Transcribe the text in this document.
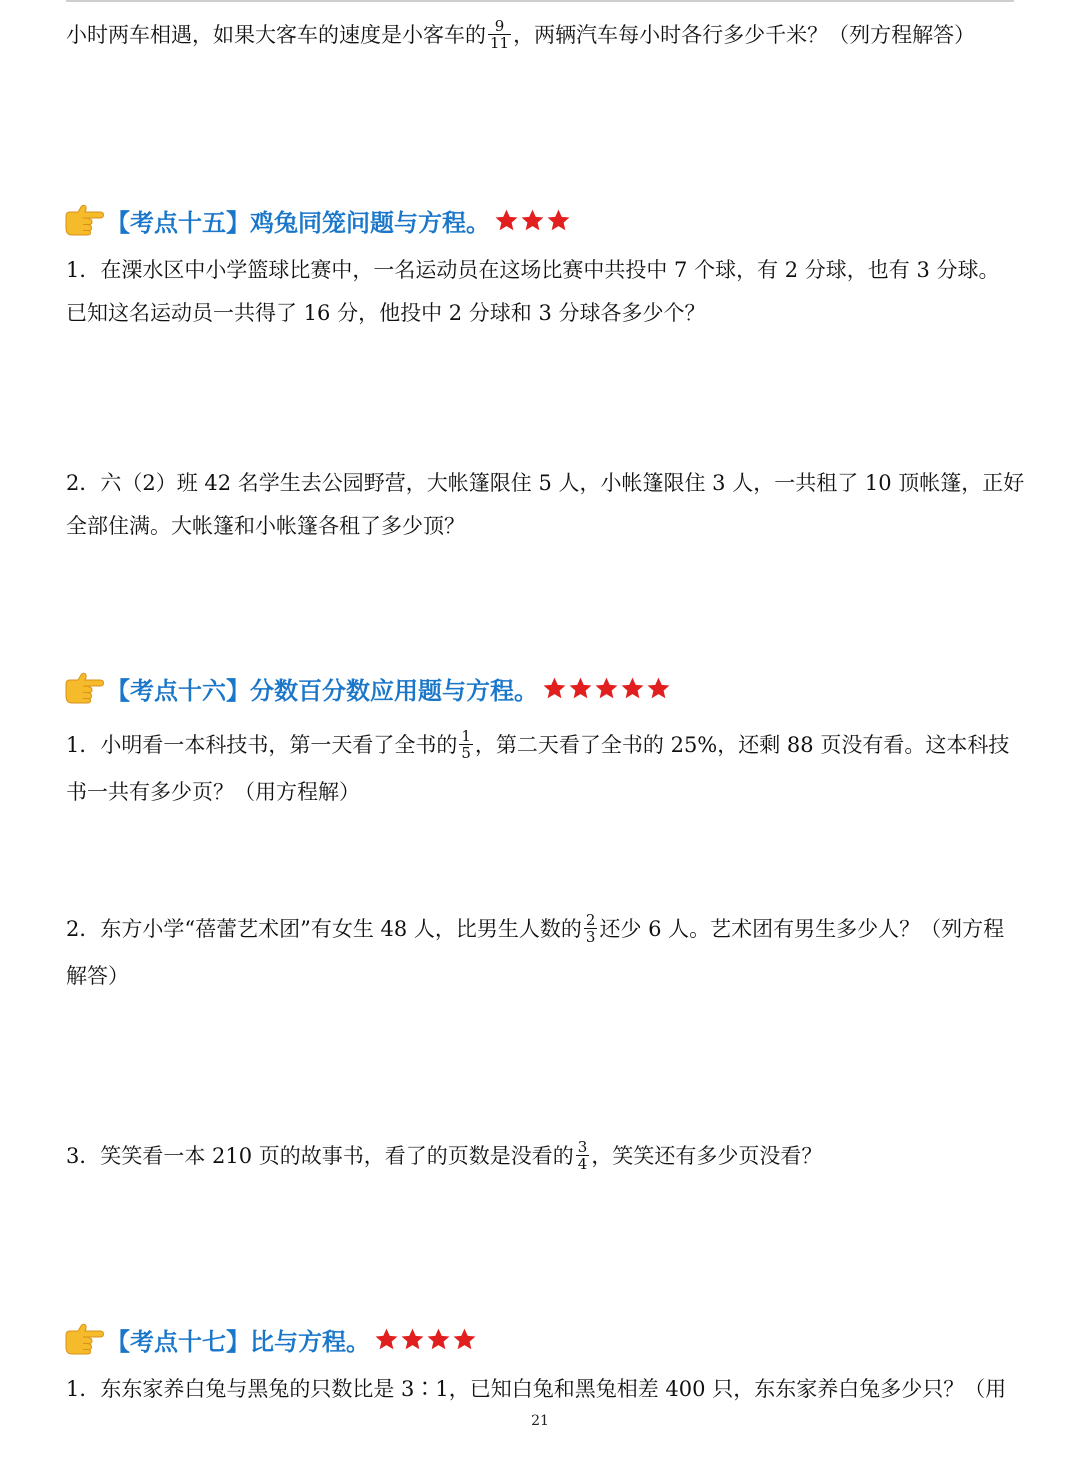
小时两车相遇，如果大客车的速度是小客车的 $\frac{9}{11}$ ，两辆汽车每小时各行多少千米？（列方程解答）
【考点十五】鸡兔同笼问题与方程。
1．在溧水区中小学篮球比赛中，一名运动员在这场比赛中共投中 7 个球，有 2 分球，也有 3 分球。
已知这名运动员一共得了 16 分，他投中 2 分球和 3 分球各多少个？
2．六（2）班 42 名学生去公园野营，大帐篷限住 5 人，小帐篷限住 3 人，一共租了 10 顶帐篷，正好
全部住满。大帐篷和小帐篷各租了多少顶？
【考点十六】分数百分数应用题与方程。
1．小明看一本科技书，第一天看了全书的 $\frac{1}{5}$ ，第二天看了全书的 25%，还剩 88 页没有看。这本科技
书一共有多少页？（用方程解）
2．东方小学“蓓蕾艺术团”有女生 48 人，比男生人数的 $\frac{2}{3}$ 还少 6 人。艺术团有男生多少人？（列方程
解答）
3．笑笑看一本 210 页的故事书，看了的页数是没看的 $\frac{3}{4}$ ，笑笑还有多少页没看？
【考点十七】比与方程。
1．东东家养白兔与黑兔的只数比是 3∶1，已知白兔和黑兔相差 400 只，东东家养白兔多少只？（用
21
